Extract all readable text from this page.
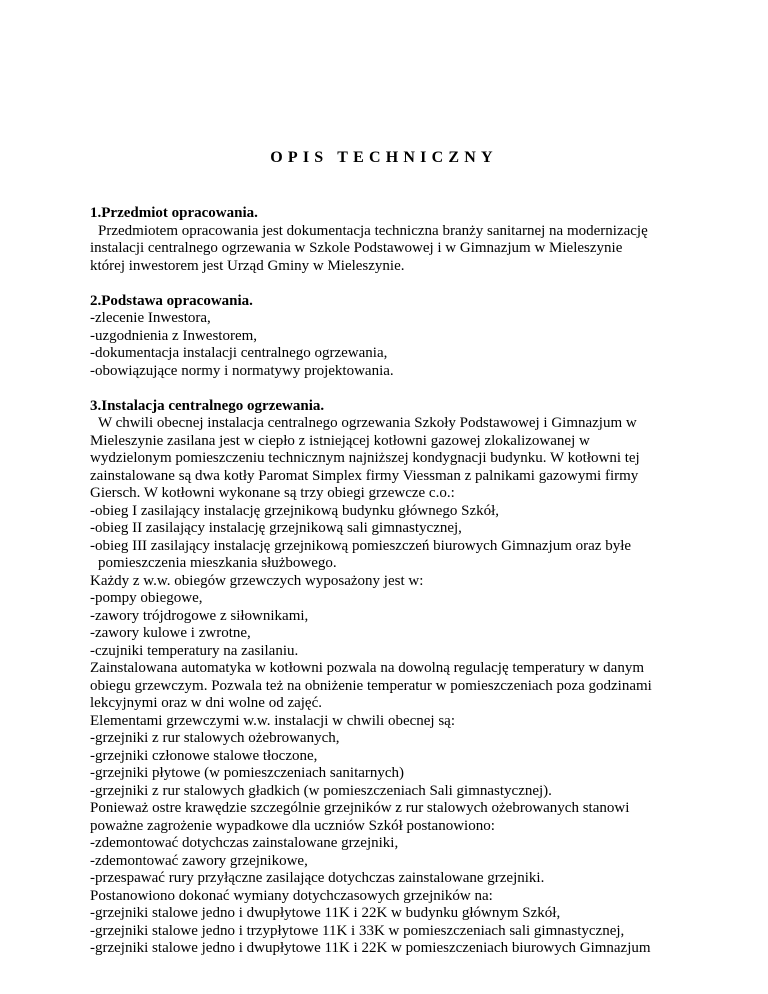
OPIS TECHNICZNY
1.Przedmiot opracowania.
Przedmiotem opracowania jest dokumentacja techniczna branży sanitarnej na modernizację
instalacji centralnego ogrzewania w Szkole Podstawowej i w Gimnazjum w Mieleszynie
której inwestorem jest Urząd Gminy w Mieleszynie.
2.Podstawa opracowania.
-zlecenie Inwestora,
-uzgodnienia z Inwestorem,
-dokumentacja instalacji centralnego ogrzewania,
-obowiązujące normy i normatywy projektowania.
3.Instalacja centralnego ogrzewania.
W chwili obecnej instalacja centralnego ogrzewania Szkoły Podstawowej i Gimnazjum w
Mieleszynie zasilana jest w ciepło z istniejącej kotłowni gazowej zlokalizowanej w
wydzielonym pomieszczeniu technicznym najniższej kondygnacji budynku. W kotłowni tej
zainstalowane są dwa kotły Paromat Simplex firmy Viessman z palnikami gazowymi firmy
Giersch. W kotłowni wykonane są trzy obiegi grzewcze c.o.:
-obieg I zasilający instalację grzejnikową budynku głównego Szkół,
-obieg II zasilający instalację grzejnikową sali gimnastycznej,
-obieg III zasilający instalację grzejnikową pomieszczeń biurowych Gimnazjum oraz byłe
pomieszczenia mieszkania służbowego.
Każdy z w.w. obiegów grzewczych wyposażony jest w:
-pompy obiegowe,
-zawory trójdrogowe z siłownikami,
-zawory kulowe i zwrotne,
-czujniki temperatury na zasilaniu.
Zainstalowana automatyka w kotłowni pozwala na dowolną regulację temperatury w danym
obiegu grzewczym. Pozwala też na obniżenie temperatur w pomieszczeniach poza godzinami
lekcyjnymi oraz w dni wolne od zajęć.
Elementami grzewczymi w.w. instalacji w chwili obecnej są:
-grzejniki z rur stalowych ożebrowanych,
-grzejniki członowe stalowe tłoczone,
-grzejniki płytowe (w pomieszczeniach sanitarnych)
-grzejniki z rur stalowych gładkich (w pomieszczeniach Sali gimnastycznej).
Ponieważ ostre krawędzie szczególnie grzejników z rur stalowych ożebrowanych stanowi
poważne zagrożenie wypadkowe dla uczniów Szkół postanowiono:
-zdemontować dotychczas zainstalowane grzejniki,
-zdemontować zawory grzejnikowe,
-przespawać rury przyłączne zasilające dotychczas zainstalowane grzejniki.
Postanowiono dokonać wymiany dotychczasowych grzejników na:
-grzejniki stalowe jedno i dwupłytowe 11K i 22K w budynku głównym Szkół,
-grzejniki stalowe jedno i trzypłytowe 11K i 33K w pomieszczeniach sali gimnastycznej,
-grzejniki stalowe jedno i dwupłytowe 11K i 22K w pomieszczeniach biurowych Gimnazjum
